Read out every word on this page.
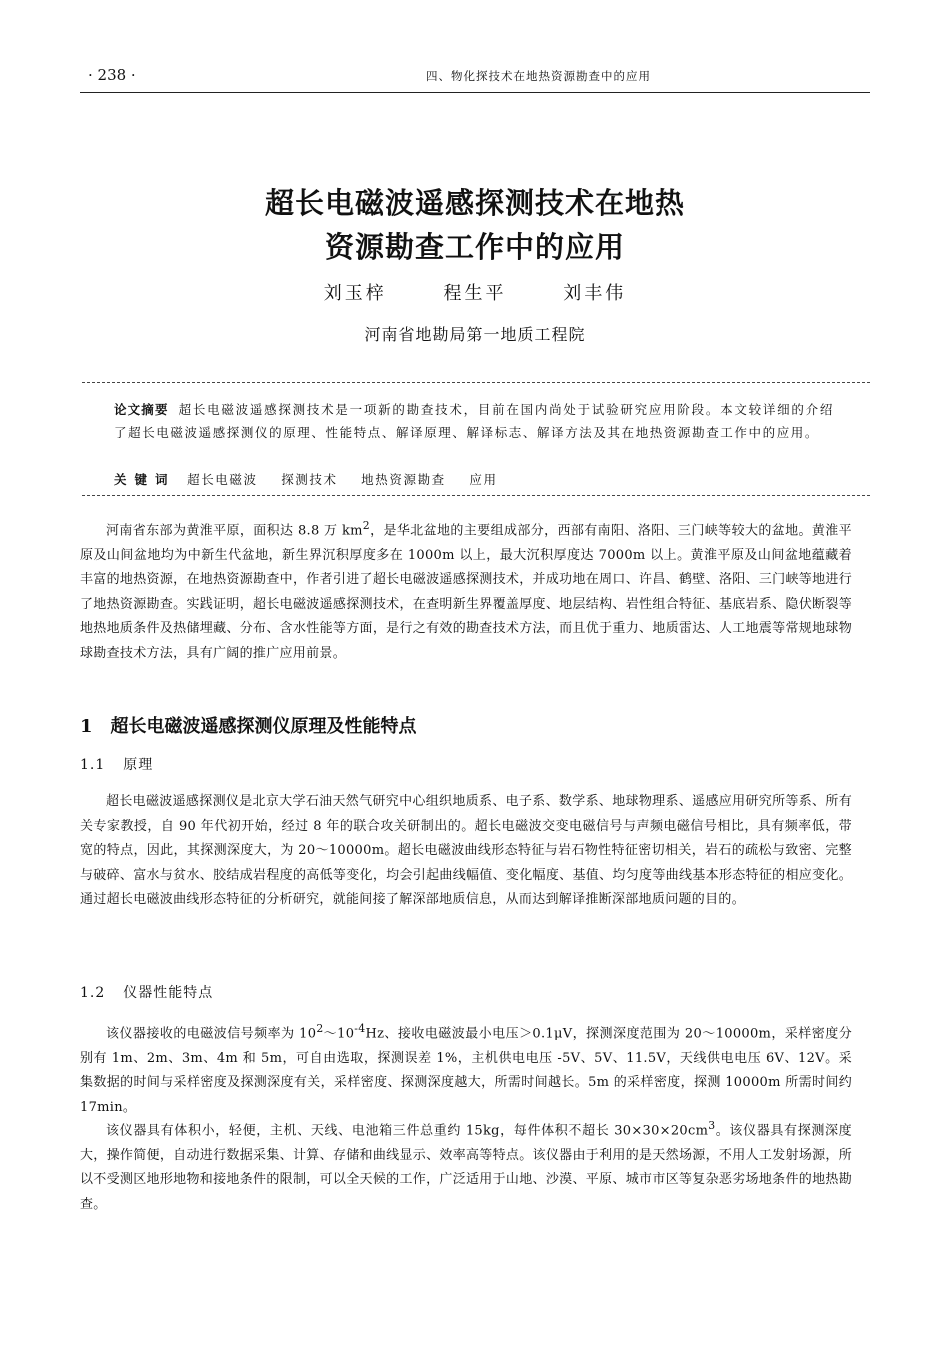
· 238 ·	四、物化探技术在地热资源勘查中的应用
超长电磁波遥感探测技术在地热
资源勘查工作中的应用
刘玉梓	程生平	刘丰伟
河南省地勘局第一地质工程院
论文摘要 超长电磁波遥感探测技术是一项新的勘查技术，目前在国内尚处于试验研究应用阶段。本文较详细的介绍了超长电磁波遥感探测仪的原理、性能特点、解译原理、解译标志、解译方法及其在地热资源勘查工作中的应用。
关键词 超长电磁波 探测技术 地热资源勘查 应用

河南省东部为黄淮平原，面积达 8.8 万 $km^2$，是华北盆地的主要组成部分，西部有南阳、洛阳、三门峡等较大的盆地。黄淮平原及山间盆地均为中新生代盆地，新生界沉积厚度多在 1000m 以上，最大沉积厚度达 7000m 以上。黄淮平原及山间盆地蕴藏着丰富的地热资源，在地热资源勘查中，作者引进了超长电磁波遥感探测技术，并成功地在周口、许昌、鹤壁、洛阳、三门峡等地进行了地热资源勘查。实践证明，超长电磁波遥感探测技术，在查明新生界覆盖厚度、地层结构、岩性组合特征、基底岩系、隐伏断裂等地热地质条件及热储埋藏、分布、含水性能等方面，是行之有效的勘查技术方法，而且优于重力、地质雷达、人工地震等常规地球物球勘查技术方法，具有广阔的推广应用前景。

1 超长电磁波遥感探测仪原理及性能特点
1.1 原理

超长电磁波遥感探测仪是北京大学石油天然气研究中心组织地质系、电子系、数学系、地球物理系、遥感应用研究所等系、所有关专家教授，自 90 年代初开始，经过 8 年的联合攻关研制出的。超长电磁波交变电磁信号与声频电磁信号相比，具有频率低，带宽的特点，因此，其探测深度大，为 20～10000m。超长电磁波曲线形态特征与岩石物性特征密切相关，岩石的疏松与致密、完整与破碎、富水与贫水、胶结成岩程度的高低等变化，均会引起曲线幅值、变化幅度、基值、均匀度等曲线基本形态特征的相应变化。通过超长电磁波曲线形态特征的分析研究，就能间接了解深部地质信息，从而达到解译推断深部地质问题的目的。

1.2 仪器性能特点

该仪器接收的电磁波信号频率为 $10^2\sim 10^{-4}Hz$、接收电磁波最小电压＞0.1μV，探测深度范围为 20～10000m，采样密度分别有 1m、2m、3m、4m 和 5m，可自由选取，探测误差 1%，主机供电电压 -5V、5V、11.5V，天线供电电压 6V、12V。采集数据的时间与采样密度及探测深度有关，采样密度、探测深度越大，所需时间越长。5m 的采样密度，探测 10000m 所需时间约 17min。

该仪器具有体积小，轻便，主机、天线、电池箱三件总重约 15kg，每件体积不超长 $30\times 30\times 20cm^3$。该仪器具有探测深度大，操作简便，自动进行数据采集、计算、存储和曲线显示、效率高等特点。该仪器由于利用的是天然场源，不用人工发射场源，所以不受测区地形地物和接地条件的限制，可以全天候的工作，广泛适用于山地、沙漠、平原、城市市区等复杂恶劣场地条件的地热勘查。
